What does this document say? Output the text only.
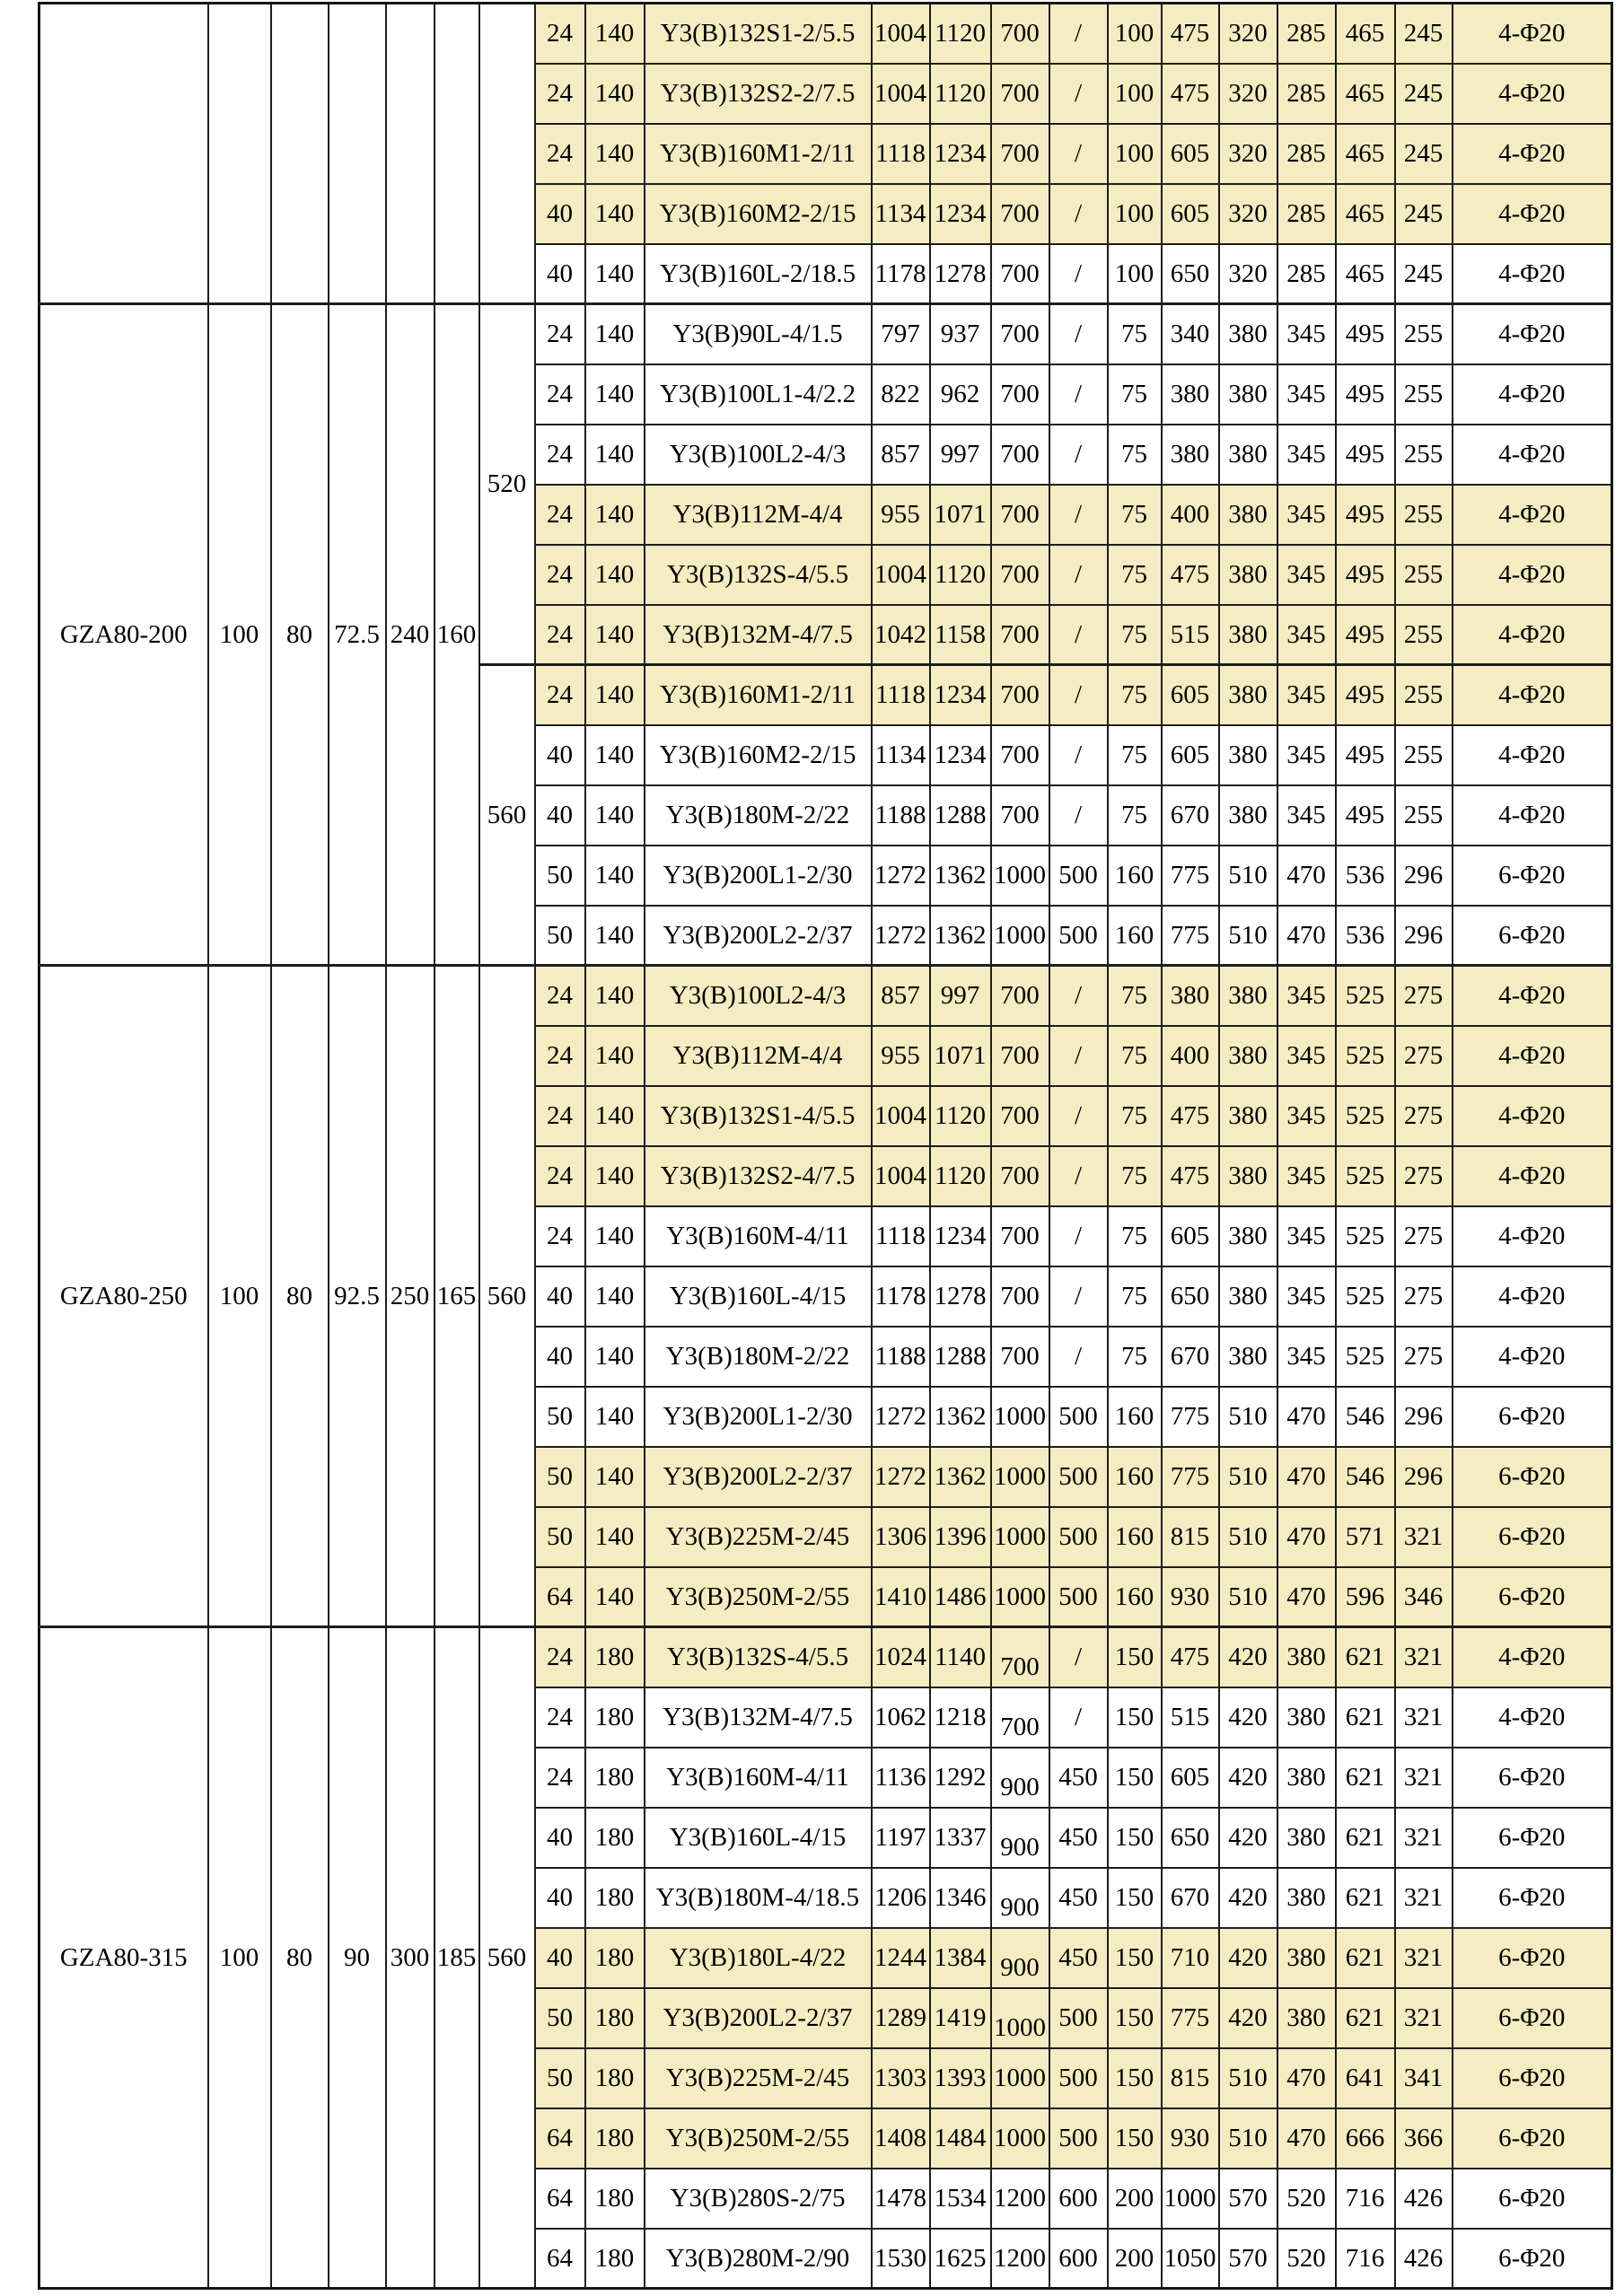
							24	140	Y3(B)132S1-2/5.5	1004	1120	700	/	100	475	320	285	465	245	4-Φ20
							24	140	Y3(B)132S2-2/7.5	1004	1120	700	/	100	475	320	285	465	245	4-Φ20
							24	140	Y3(B)160M1-2/11	1118	1234	700	/	100	605	320	285	465	245	4-Φ20
							40	140	Y3(B)160M2-2/15	1134	1234	700	/	100	605	320	285	465	245	4-Φ20
							40	140	Y3(B)160L-2/18.5	1178	1278	700	/	100	650	320	285	465	245	4-Φ20
GZA80-200	100	80	72.5	240	160	520	24	140	Y3(B)90L-4/1.5	797	937	700	/	75	340	380	345	495	255	4-Φ20
							24	140	Y3(B)100L1-4/2.2	822	962	700	/	75	380	380	345	495	255	4-Φ20
							24	140	Y3(B)100L2-4/3	857	997	700	/	75	380	380	345	495	255	4-Φ20
							24	140	Y3(B)112M-4/4	955	1071	700	/	75	400	380	345	495	255	4-Φ20
							24	140	Y3(B)132S-4/5.5	1004	1120	700	/	75	475	380	345	495	255	4-Φ20
							24	140	Y3(B)132M-4/7.5	1042	1158	700	/	75	515	380	345	495	255	4-Φ20
						560	24	140	Y3(B)160M1-2/11	1118	1234	700	/	75	605	380	345	495	255	4-Φ20
							40	140	Y3(B)160M2-2/15	1134	1234	700	/	75	605	380	345	495	255	4-Φ20
							40	140	Y3(B)180M-2/22	1188	1288	700	/	75	670	380	345	495	255	4-Φ20
							50	140	Y3(B)200L1-2/30	1272	1362	1000	500	160	775	510	470	536	296	6-Φ20
							50	140	Y3(B)200L2-2/37	1272	1362	1000	500	160	775	510	470	536	296	6-Φ20
GZA80-250	100	80	92.5	250	165	560	24	140	Y3(B)100L2-4/3	857	997	700	/	75	380	380	345	525	275	4-Φ20
							24	140	Y3(B)112M-4/4	955	1071	700	/	75	400	380	345	525	275	4-Φ20
							24	140	Y3(B)132S1-4/5.5	1004	1120	700	/	75	475	380	345	525	275	4-Φ20
							24	140	Y3(B)132S2-4/7.5	1004	1120	700	/	75	475	380	345	525	275	4-Φ20
							24	140	Y3(B)160M-4/11	1118	1234	700	/	75	605	380	345	525	275	4-Φ20
							40	140	Y3(B)160L-4/15	1178	1278	700	/	75	650	380	345	525	275	4-Φ20
							40	140	Y3(B)180M-2/22	1188	1288	700	/	75	670	380	345	525	275	4-Φ20
							50	140	Y3(B)200L1-2/30	1272	1362	1000	500	160	775	510	470	546	296	6-Φ20
							50	140	Y3(B)200L2-2/37	1272	1362	1000	500	160	775	510	470	546	296	6-Φ20
							50	140	Y3(B)225M-2/45	1306	1396	1000	500	160	815	510	470	571	321	6-Φ20
							64	140	Y3(B)250M-2/55	1410	1486	1000	500	160	930	510	470	596	346	6-Φ20
GZA80-315	100	80	90	300	185	560	24	180	Y3(B)132S-4/5.5	1024	1140	700	/	150	475	420	380	621	321	4-Φ20
							24	180	Y3(B)132M-4/7.5	1062	1218	700	/	150	515	420	380	621	321	4-Φ20
							24	180	Y3(B)160M-4/11	1136	1292	900	450	150	605	420	380	621	321	6-Φ20
							40	180	Y3(B)160L-4/15	1197	1337	900	450	150	650	420	380	621	321	6-Φ20
							40	180	Y3(B)180M-4/18.5	1206	1346	900	450	150	670	420	380	621	321	6-Φ20
							40	180	Y3(B)180L-4/22	1244	1384	900	450	150	710	420	380	621	321	6-Φ20
							50	180	Y3(B)200L2-2/37	1289	1419	1000	500	150	775	420	380	621	321	6-Φ20
							50	180	Y3(B)225M-2/45	1303	1393	1000	500	150	815	510	470	641	341	6-Φ20
							64	180	Y3(B)250M-2/55	1408	1484	1000	500	150	930	510	470	666	366	6-Φ20
							64	180	Y3(B)280S-2/75	1478	1534	1200	600	200	1000	570	520	716	426	6-Φ20
							64	180	Y3(B)280M-2/90	1530	1625	1200	600	200	1050	570	520	716	426	6-Φ20
